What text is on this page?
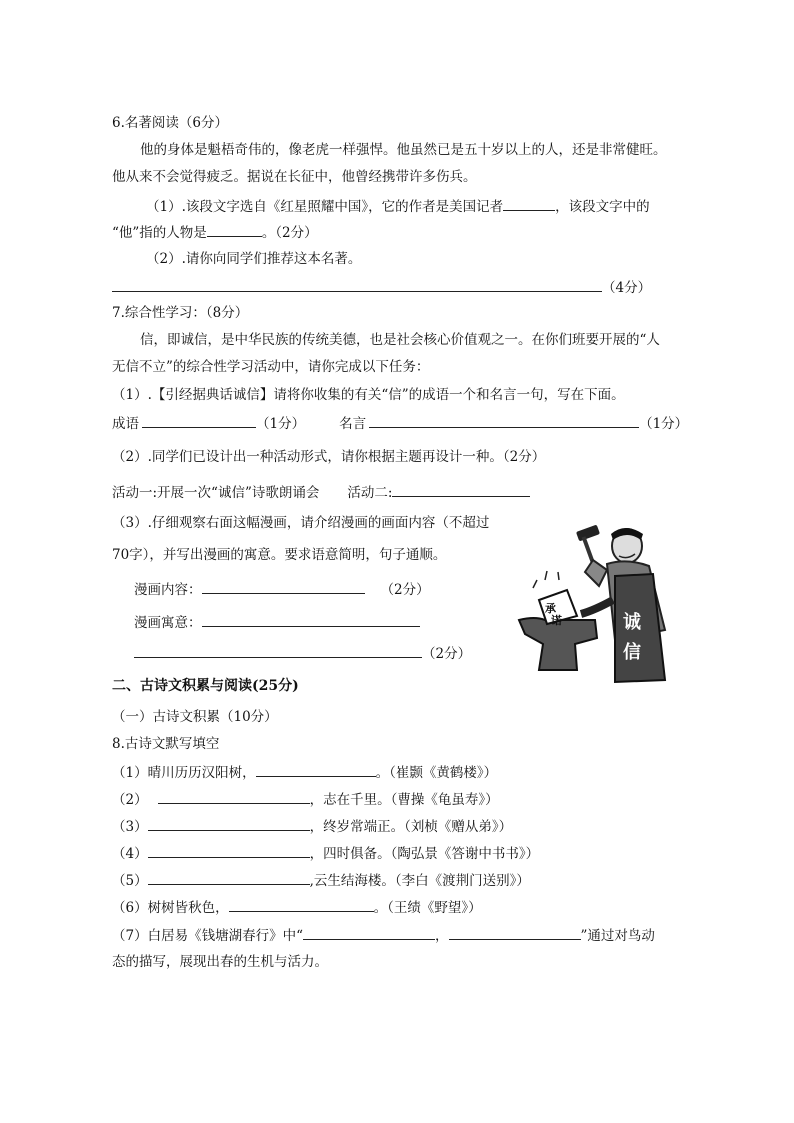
6.名著阅读（6分）
他的身体是魁梧奇伟的，像老虎一样强悍。他虽然已是五十岁以上的人，还是非常健旺。
他从来不会觉得疲乏。据说在长征中，他曾经携带许多伤兵。
（1）.该段文字选自《红星照耀中国》，它的作者是美国记者	，该段文字中的
“他”指的人物是	。（2分）
（2）.请你向同学们推荐这本名著。
（4分）
7.综合性学习：（8分）
信，即诚信，是中华民族的传统美德，也是社会核心价值观之一。在你们班要开展的“人
无信不立”的综合性学习活动中，请你完成以下任务：
（1）.【引经据典话诚信】请将你收集的有关“信”的成语一个和名言一句，写在下面。
成语	（1分）	名言	（1分）
（2）.同学们已设计出一种活动形式，请你根据主题再设计一种。（2分）
活动一:开展一次“诚信”诗歌朗诵会 活动二:
（3）.仔细观察右面这幅漫画，请介绍漫画的画面内容（不超过
70字），并写出漫画的寓意。要求语意简明，句子通顺。
漫画内容：	（2分）
漫画寓意：
（2分）
诚
信
承
诺
二、古诗文积累与阅读(25分)
（一）古诗文积累（10分）
8.古诗文默写填空
（1）晴川历历汉阳树，	。（崔颢《黄鹤楼》）
（2）	，志在千里。（曹操《龟虽寿》）
（3）	，终岁常端正。（刘桢《赠从弟》）
（4）	，四时俱备。（陶弘景《答谢中书书》）
（5）	,云生结海楼。（李白《渡荆门送别》）
（6）树树皆秋色，	。（王绩《野望》）
（7）白居易《钱塘湖春行》中“	，	”通过对鸟动
态的描写，展现出春的生机与活力。
